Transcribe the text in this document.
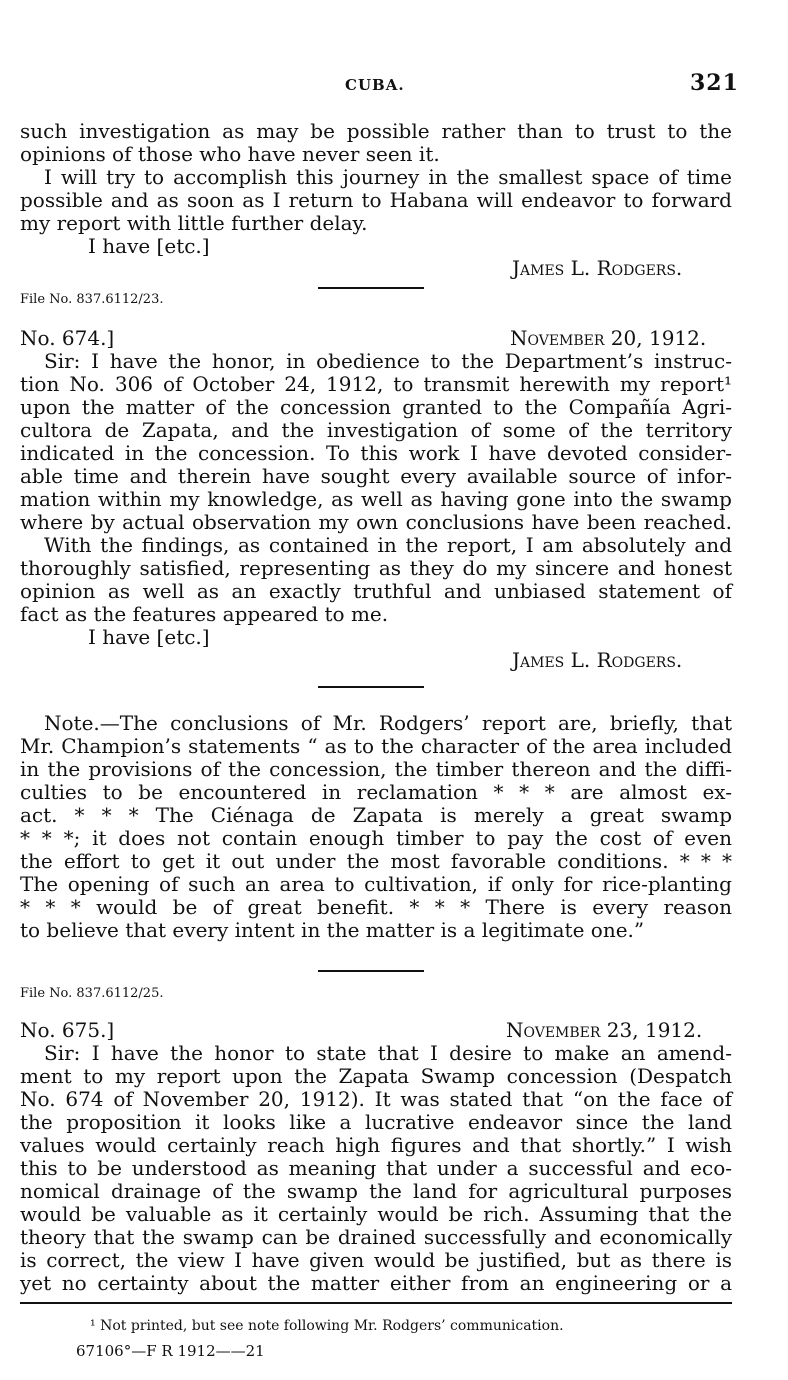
CUBA.	321
such investigation as may be possible rather than to trust to the
opinions of those who have never seen it.
I will try to accomplish this journey in the smallest space of time
possible and as soon as I return to Habana will endeavor to forward
my report with little further delay.
I have [etc.]
James L. Rodgers.
File No. 837.6112/23.
No. 674.]	November 20, 1912.
Sir: I have the honor, in obedience to the Department’s instruc-
tion No. 306 of October 24, 1912, to transmit herewith my report¹
upon the matter of the concession granted to the Compañía Agri-
cultora de Zapata, and the investigation of some of the territory
indicated in the concession. To this work I have devoted consider-
able time and therein have sought every available source of infor-
mation within my knowledge, as well as having gone into the swamp
where by actual observation my own conclusions have been reached.
With the findings, as contained in the report, I am absolutely and
thoroughly satisfied, representing as they do my sincere and honest
opinion as well as an exactly truthful and unbiased statement of
fact as the features appeared to me.
I have [etc.]
James L. Rodgers.
Note.—The conclusions of Mr. Rodgers’ report are, briefly, that
Mr. Champion’s statements “ as to the character of the area included
in the provisions of the concession, the timber thereon and the diffi-
culties to be encountered in reclamation * * * are almost ex-
act. * * * The Ciénaga de Zapata is merely a great swamp
* * *; it does not contain enough timber to pay the cost of even
the effort to get it out under the most favorable conditions. * * *
The opening of such an area to cultivation, if only for rice-planting
* * * would be of great benefit. * * * There is every reason
to believe that every intent in the matter is a legitimate one.”
File No. 837.6112/25.
No. 675.]	November 23, 1912.
Sir: I have the honor to state that I desire to make an amend-
ment to my report upon the Zapata Swamp concession (Despatch
No. 674 of November 20, 1912). It was stated that “on the face of
the proposition it looks like a lucrative endeavor since the land
values would certainly reach high figures and that shortly.” I wish
this to be understood as meaning that under a successful and eco-
nomical drainage of the swamp the land for agricultural purposes
would be valuable as it certainly would be rich. Assuming that the
theory that the swamp can be drained successfully and economically
is correct, the view I have given would be justified, but as there is
yet no certainty about the matter either from an engineering or a
¹ Not printed, but see note following Mr. Rodgers’ communication.
67106°—F R 1912——21
